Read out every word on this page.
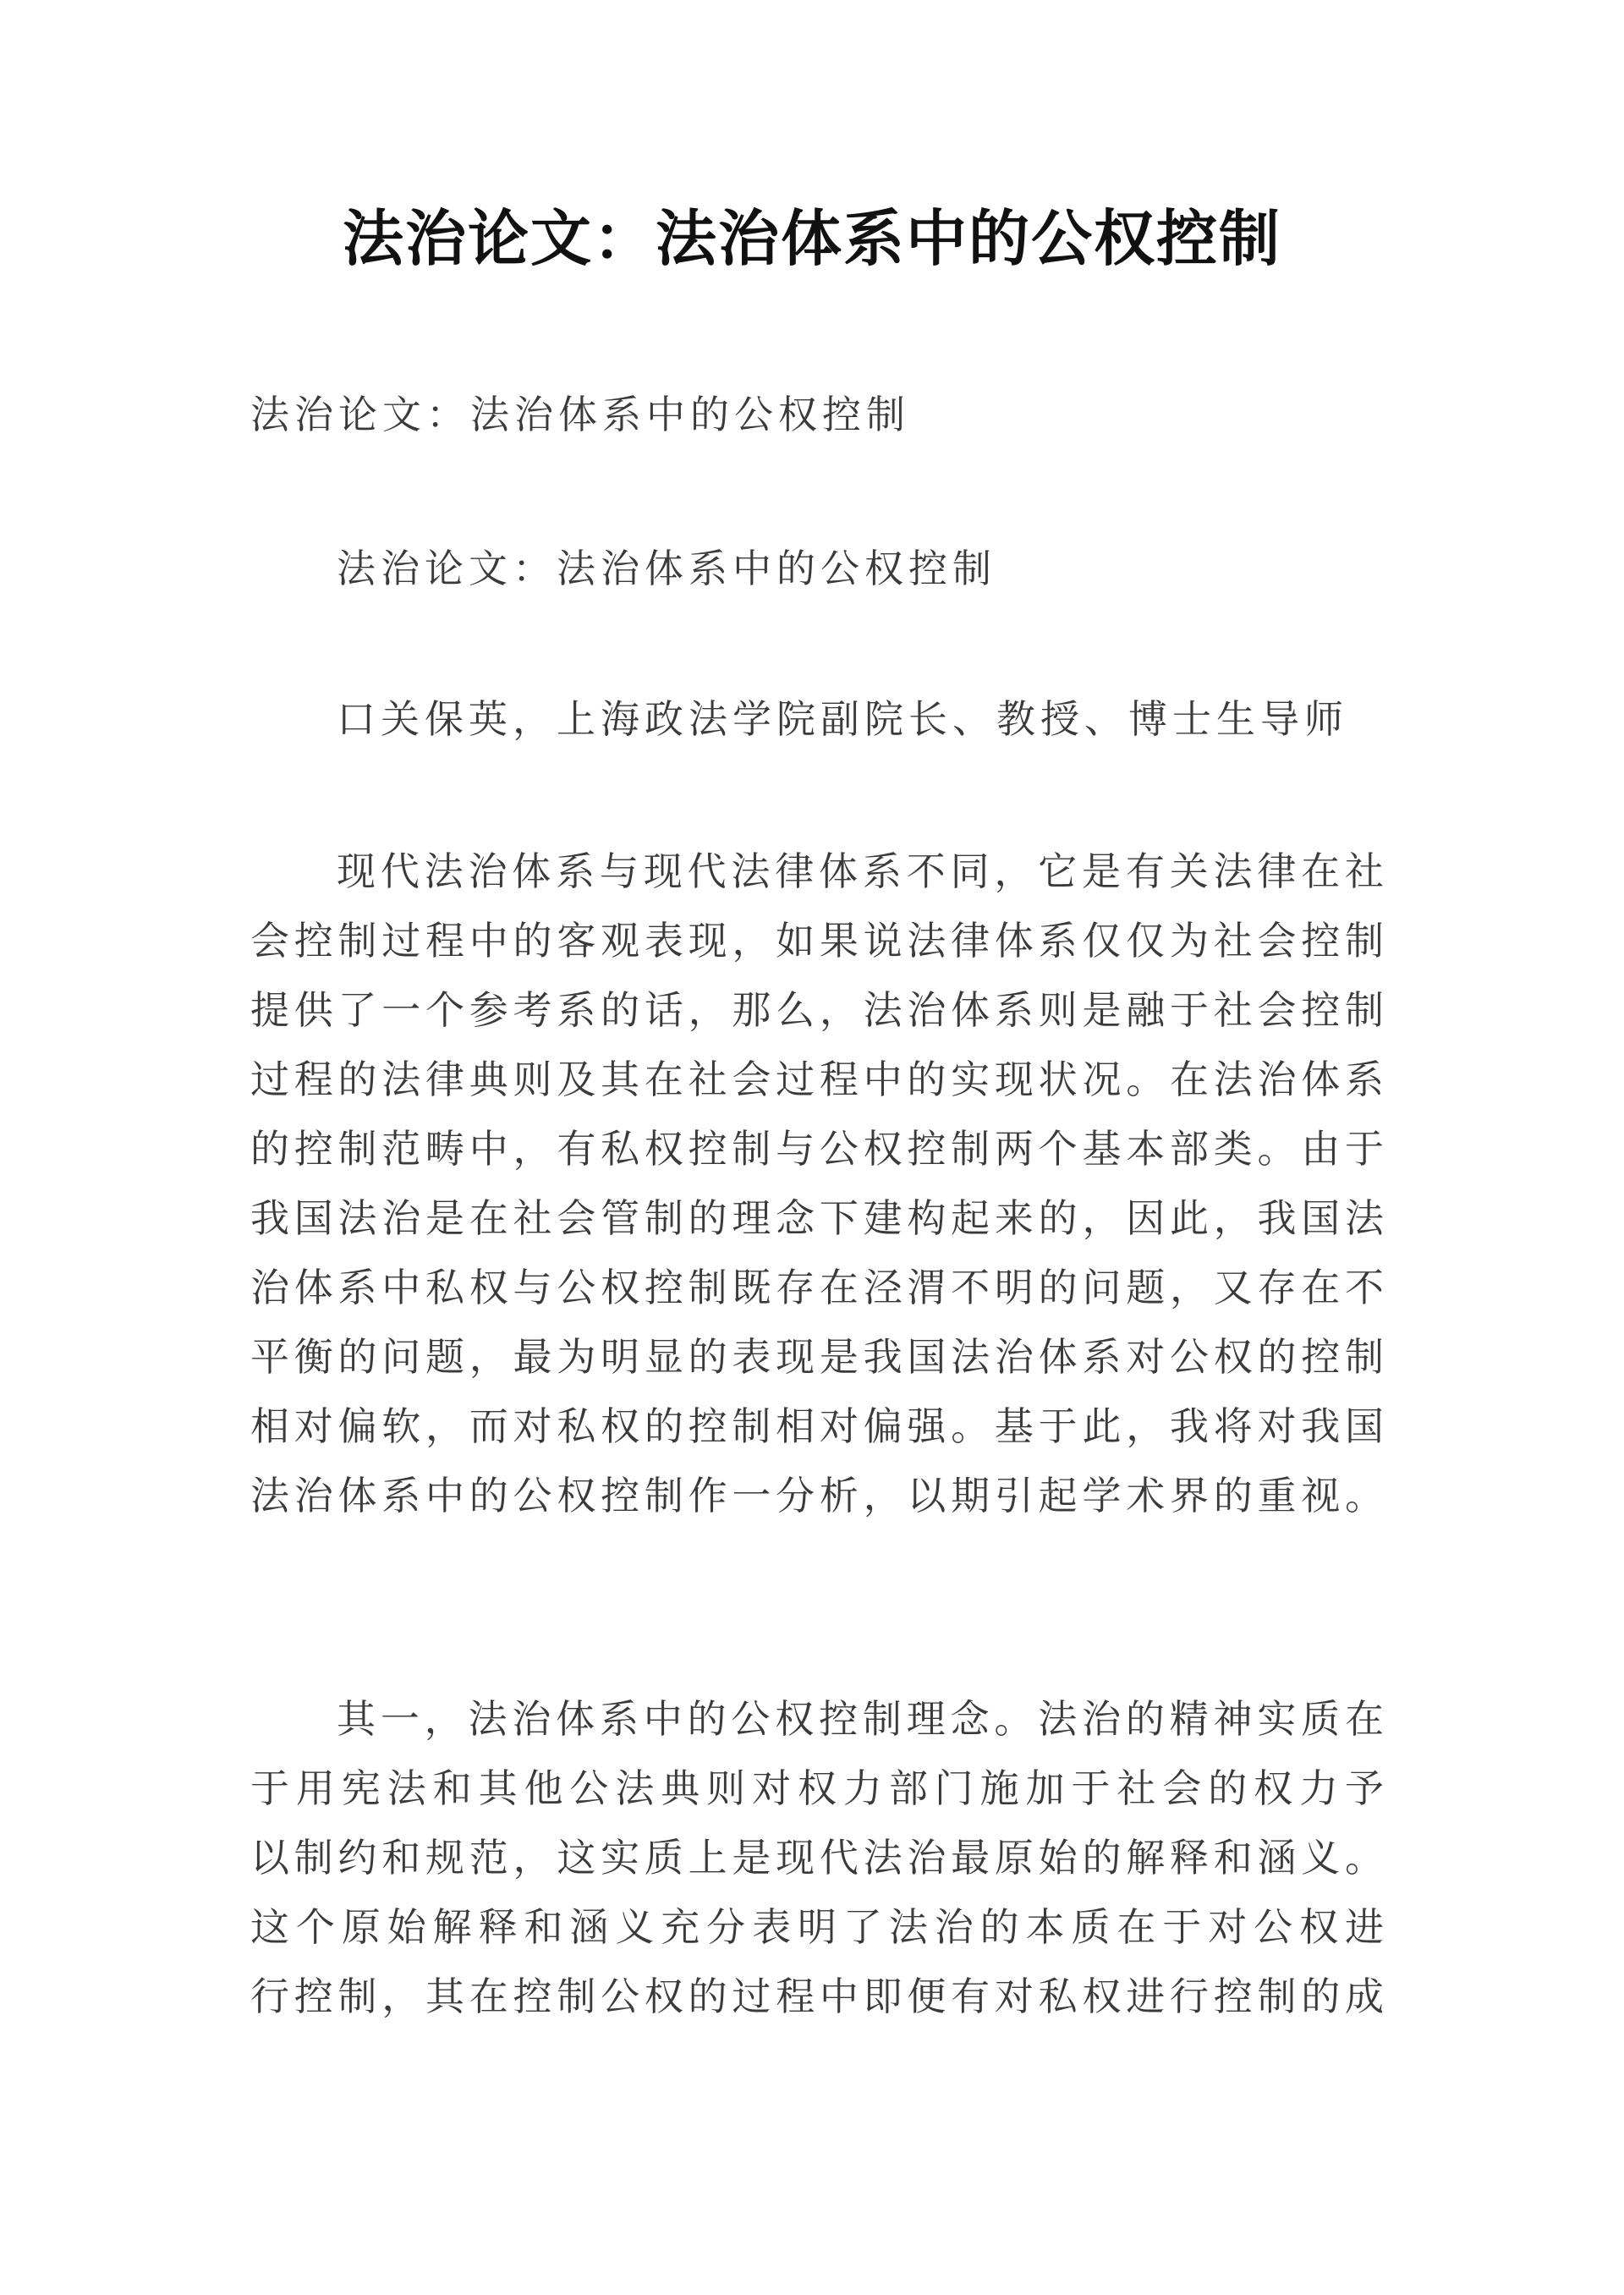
法治论文：法治体系中的公权控制

法治论文：法治体系中的公权控制

法治论文：法治体系中的公权控制

口关保英，上海政法学院副院长、教授、博士生导师

现代法治体系与现代法律体系不同，它是有关法律在社

会控制过程中的客观表现，如果说法律体系仅仅为社会控制

提供了一个参考系的话，那么，法治体系则是融于社会控制

过程的法律典则及其在社会过程中的实现状况。在法治体系

的控制范畴中，有私权控制与公权控制两个基本部类。由于

我国法治是在社会管制的理念下建构起来的，因此，我国法

治体系中私权与公权控制既存在泾渭不明的问题，又存在不

平衡的问题，最为明显的表现是我国法治体系对公权的控制

相对偏软，而对私权的控制相对偏强。基于此，我将对我国

法治体系中的公权控制作一分析，以期引起学术界的重视。

其一，法治体系中的公权控制理念。法治的精神实质在

于用宪法和其他公法典则对权力部门施加于社会的权力予

以制约和规范，这实质上是现代法治最原始的解释和涵义。

这个原始解释和涵义充分表明了法治的本质在于对公权进

行控制，其在控制公权的过程中即便有对私权进行控制的成
